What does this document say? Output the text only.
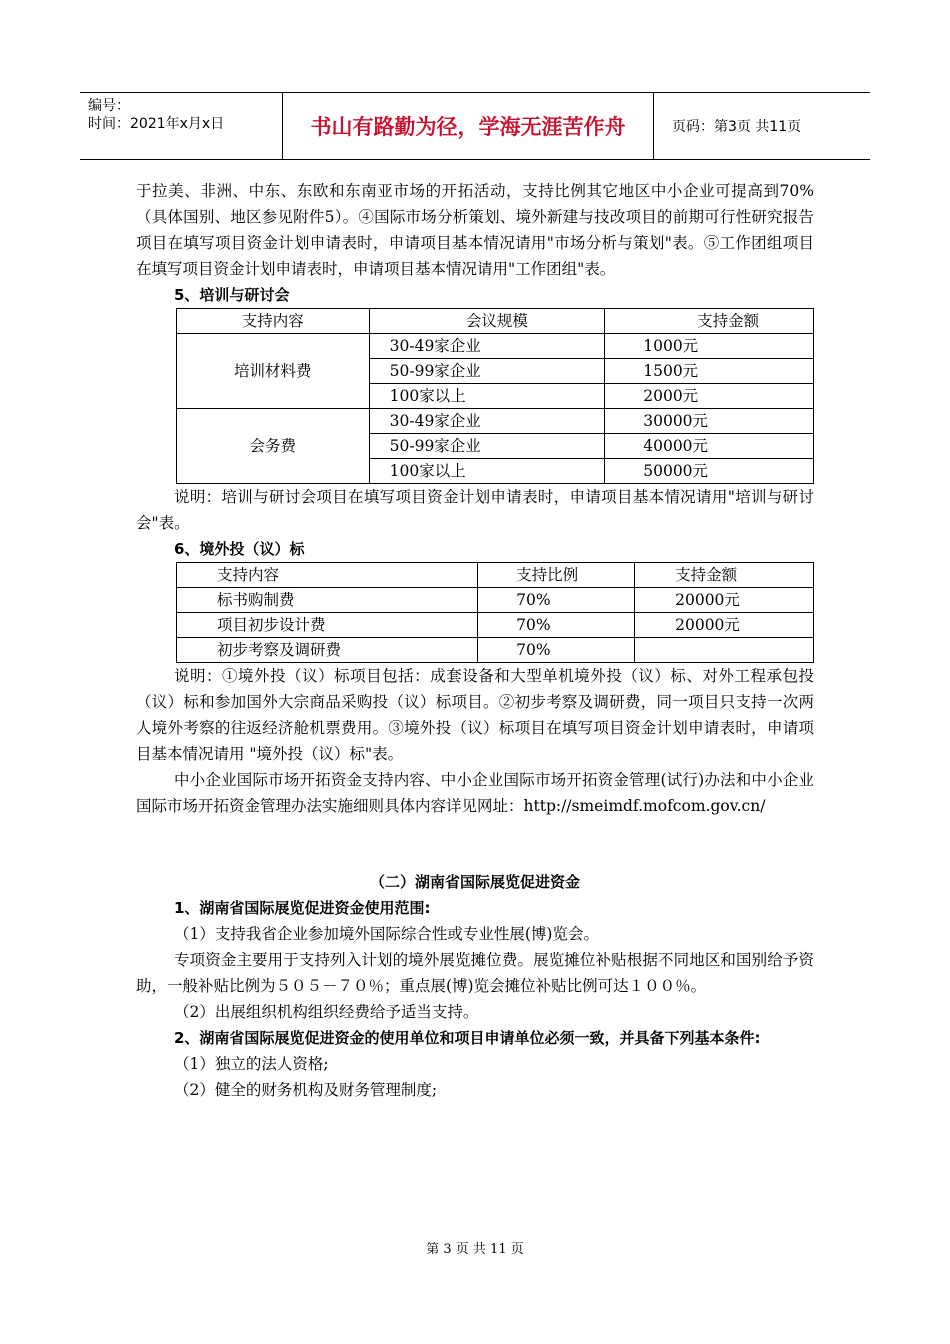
编号：
时间：2021年x月x日	书山有路勤为径，学海无涯苦作舟	页码：第3页 共11页

于拉美、非洲、中东、东欧和东南亚市场的开拓活动，支持比例其它地区中小企业可提高到70%（具体国别、地区参见附件5）。④国际市场分析策划、境外新建与技改项目的前期可行性研究报告项目在填写项目资金计划申请表时，申请项目基本情况请用"市场分析与策划"表。⑤工作团组项目在填写项目资金计划申请表时，申请项目基本情况请用"工作团组"表。

5、培训与研讨会

支持内容	会议规模	支持金额
培训材料费	30-49家企业	1000元
	50-99家企业	1500元
	100家以上	2000元
会务费	30-49家企业	30000元
	50-99家企业	40000元
	100家以上	50000元

说明：培训与研讨会项目在填写项目资金计划申请表时，申请项目基本情况请用"培训与研讨会"表。

6、境外投（议）标

支持内容	支持比例	支持金额
标书购制费	70%	20000元
项目初步设计费	70%	20000元
初步考察及调研费	70%	

说明：①境外投（议）标项目包括：成套设备和大型单机境外投（议）标、对外工程承包投（议）标和参加国外大宗商品采购投（议）标项目。②初步考察及调研费，同一项目只支持一次两人境外考察的往返经济舱机票费用。③境外投（议）标项目在填写项目资金计划申请表时，申请项目基本情况请用 "境外投（议）标"表。

中小企业国际市场开拓资金支持内容、中小企业国际市场开拓资金管理(试行)办法和中小企业国际市场开拓资金管理办法实施细则具体内容详见网址：http://smeimdf.mofcom.gov.cn/

（二）湖南省国际展览促进资金

1、湖南省国际展览促进资金使用范围:

（1）支持我省企业参加境外国际综合性或专业性展(博)览会。

专项资金主要用于支持列入计划的境外展览摊位费。展览摊位补贴根据不同地区和国别给予资助，一般补贴比例为５０５－７０％；重点展(博)览会摊位补贴比例可达１００％。

（2）出展组织机构组织经费给予适当支持。

2、湖南省国际展览促进资金的使用单位和项目申请单位必须一致，并具备下列基本条件:

（1）独立的法人资格;

（2）健全的财务机构及财务管理制度;

第 3 页 共 11 页
